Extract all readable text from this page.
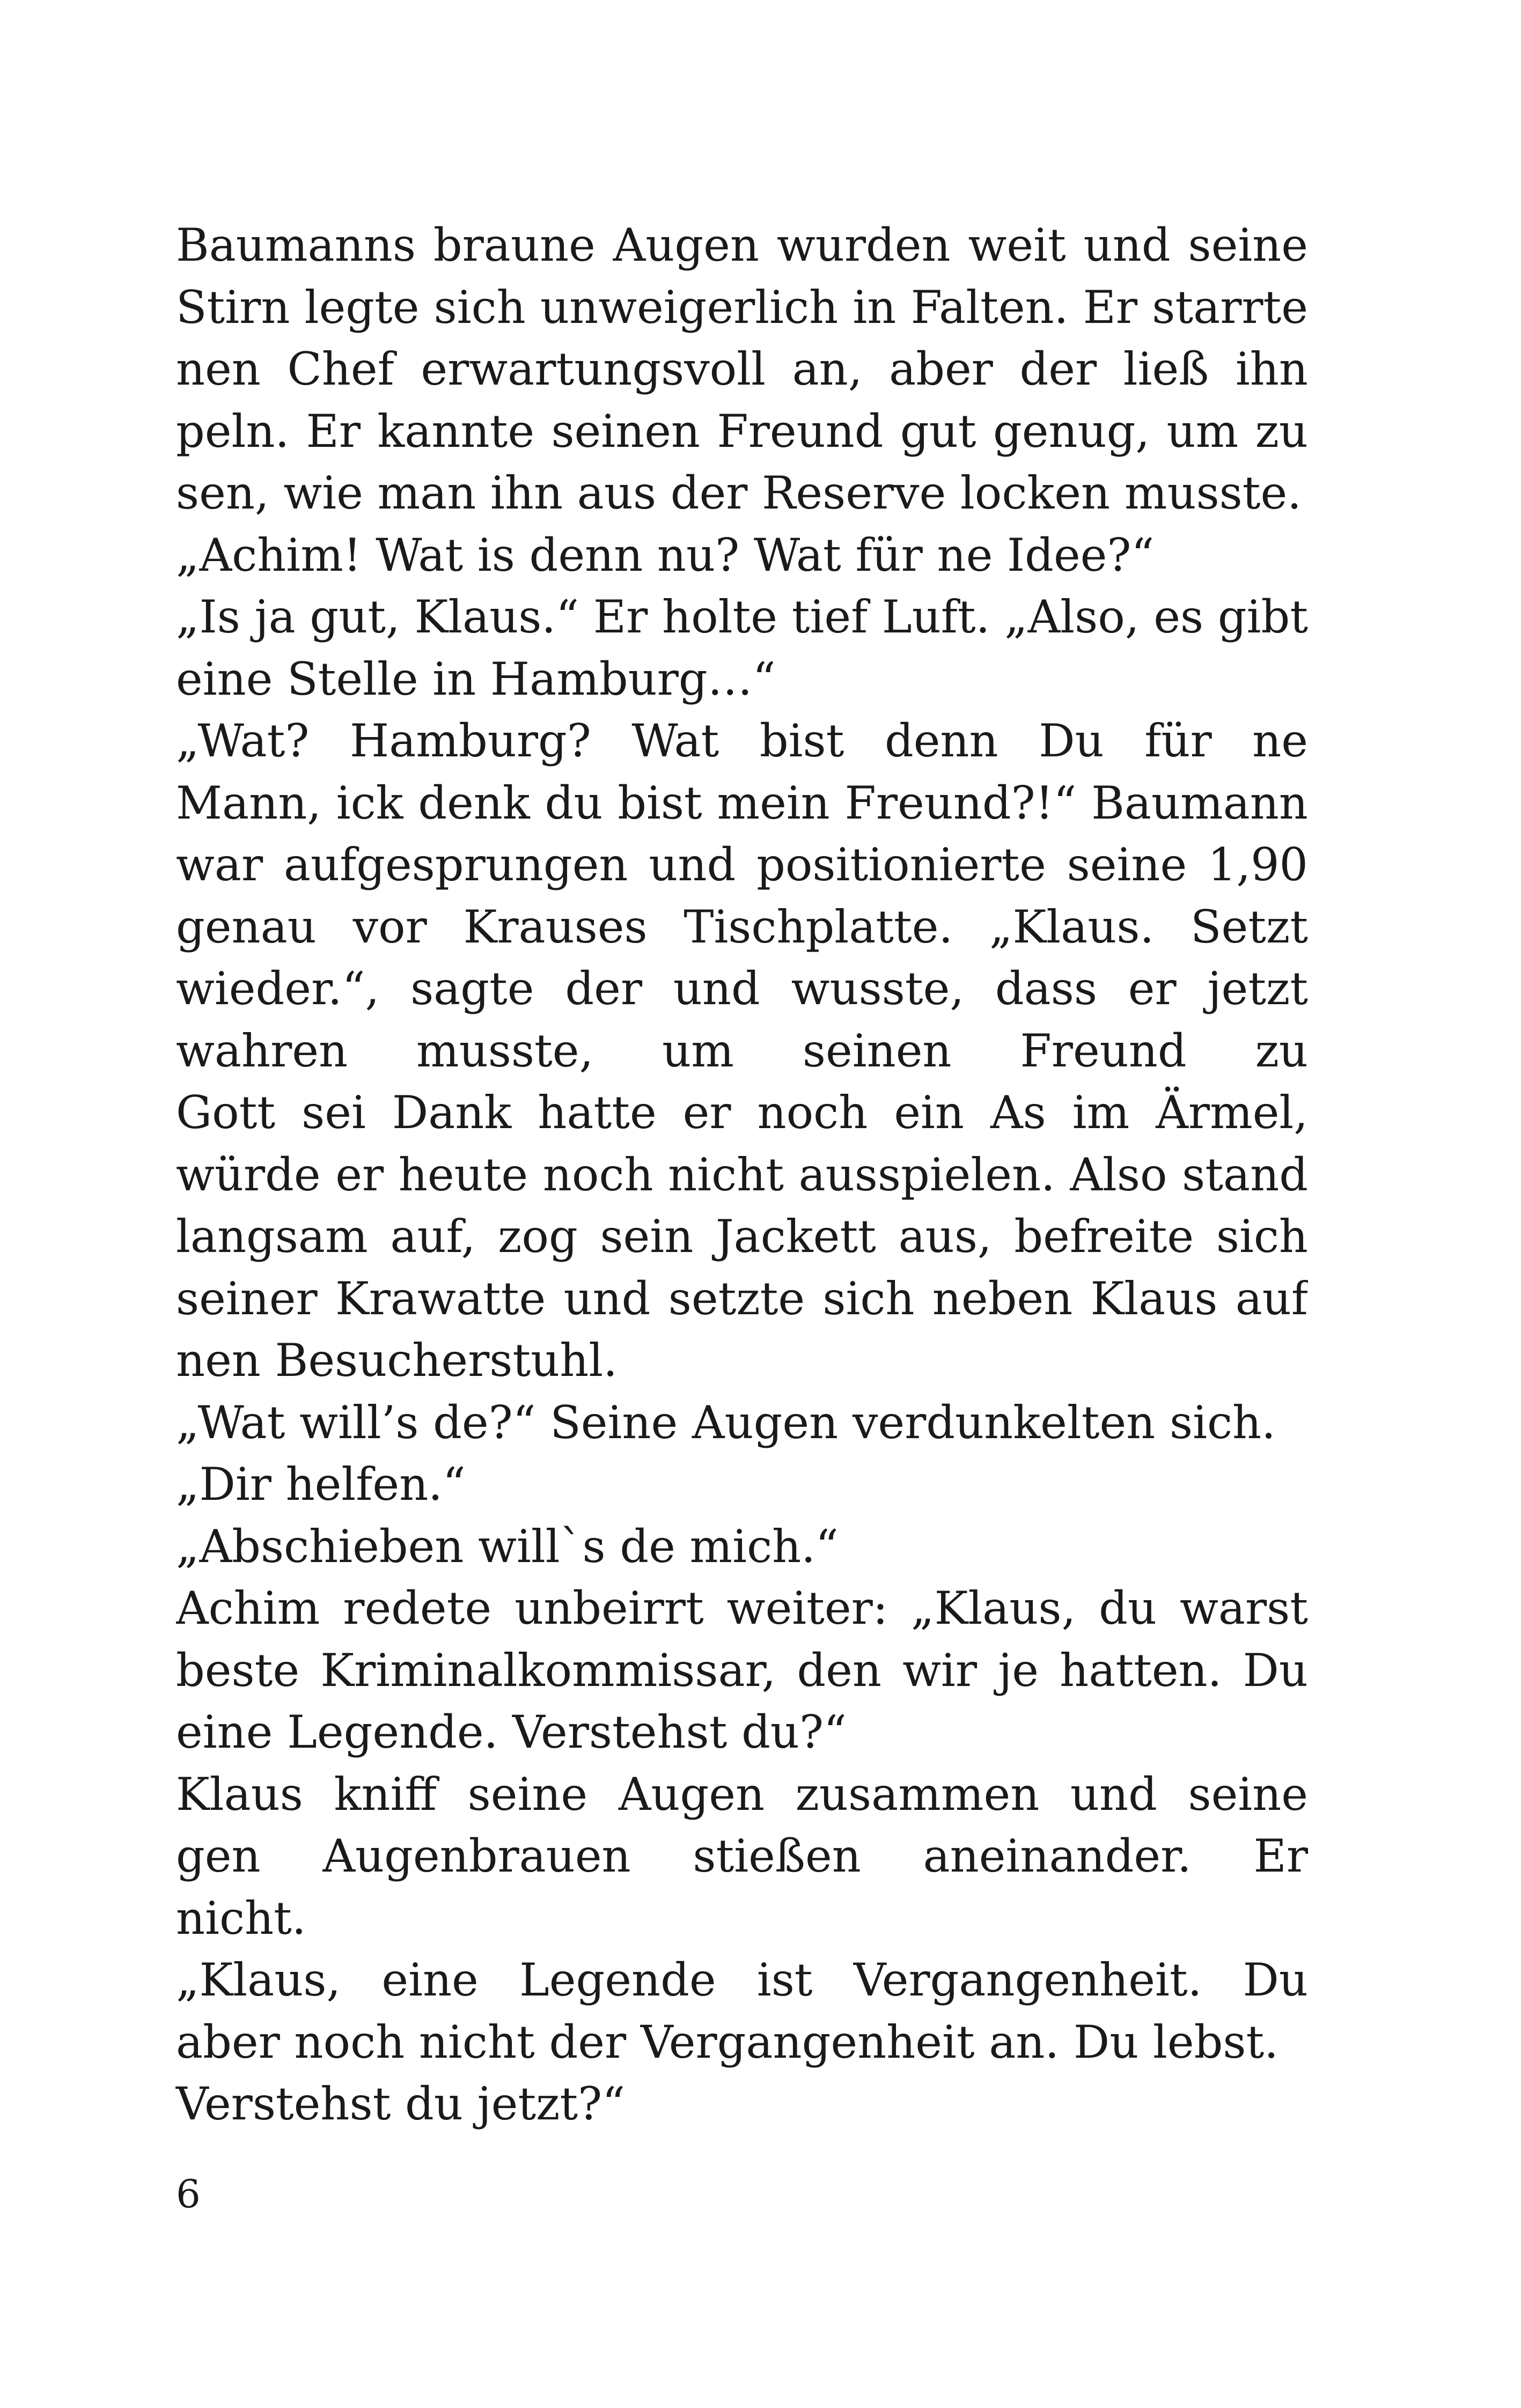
Baumanns braune Augen wurden weit und seine
Stirn legte sich unweigerlich in Falten. Er starrte
nen Chef erwartungsvoll an, aber der ließ ihn
peln. Er kannte seinen Freund gut genug, um zu
sen, wie man ihn aus der Reserve locken musste.
„Achim! Wat is denn nu? Wat für ne Idee?“
„Is ja gut, Klaus.“ Er holte tief Luft. „Also, es gibt
eine Stelle in Hamburg…“
„Wat? Hamburg? Wat bist denn Du für ne
Mann, ick denk du bist mein Freund?!“ Baumann
war aufgesprungen und positionierte seine 1,90
genau vor Krauses Tischplatte. „Klaus. Setzt
wieder.“, sagte der und wusste, dass er jetzt
wahren musste, um seinen Freund zu
Gott sei Dank hatte er noch ein As im Ärmel,
würde er heute noch nicht ausspielen. Also stand
langsam auf, zog sein Jackett aus, befreite sich
seiner Krawatte und setzte sich neben Klaus auf
nen Besucherstuhl.
„Wat will’s de?“ Seine Augen verdunkelten sich.
„Dir helfen.“
„Abschieben will`s de mich.“
Achim redete unbeirrt weiter: „Klaus, du warst
beste Kriminalkommissar, den wir je hatten. Du
eine Legende. Verstehst du?“
Klaus kniff seine Augen zusammen und seine
gen Augenbrauen stießen aneinander. Er
nicht.
„Klaus, eine Legende ist Vergangenheit. Du
aber noch nicht der Vergangenheit an. Du lebst.
Verstehst du jetzt?“
6
